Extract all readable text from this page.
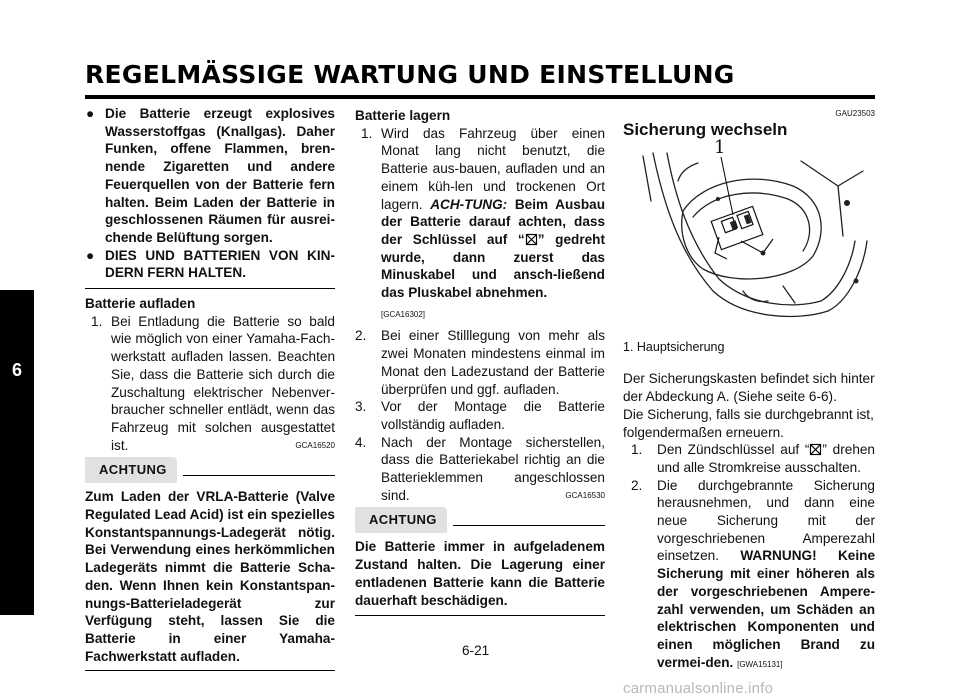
REGELMÄSSIGE WARTUNG UND EINSTELLUNG
6
● Die Batterie erzeugt explosives Wasserstoffgas (Knallgas). Daher Funken, offene Flammen, bren-nende Zigaretten und andere Feuerquellen von der Batterie fern halten. Beim Laden der Batterie in geschlossenen Räumen für ausrei-chende Belüftung sorgen.
● DIES UND BATTERIEN VON KIN-DERN FERN HALTEN.

Batterie aufladen

1. Bei Entladung die Batterie so bald wie möglich von einer Yamaha-Fach-werkstatt aufladen lassen. Beachten Sie, dass die Batterie sich durch die Zuschaltung elektrischer Nebenver-braucher schneller entlädt, wenn das Fahrzeug mit solchen ausgestattet ist.	GCA16520
ACHTUNG

Zum Laden der VRLA-Batterie (Valve Regulated Lead Acid) ist ein spezielles Konstantspannungs-Ladegerät nötig. Bei Verwendung eines herkömmlichen Ladegeräts nimmt die Batterie Scha-den. Wenn Ihnen kein Konstantspan-nungs-Batterieladegerät zur Verfügung steht, lassen Sie die Batterie in einer Yamaha-Fachwerkstatt aufladen.

Batterie lagern

1. Wird das Fahrzeug über einen Monat lang nicht benutzt, die Batterie aus-bauen, aufladen und an einem küh-len und trockenen Ort lagern. ACH-TUNG: Beim Ausbau der Batterie darauf achten, dass der Schlüssel auf “ ” gedreht wurde, dann zuerst das Minuskabel und ansch-ließend das Pluskabel abnehmen.
[GCA16302]
2. Bei einer Stilllegung von mehr als zwei Monaten mindestens einmal im Monat den Ladezustand der Batterie überprüfen und ggf. aufladen.
3. Vor der Montage die Batterie vollständig aufladen.
4. Nach der Montage sicherstellen, dass die Batteriekabel richtig an die Batterieklemmen angeschlossen sind.	GCA16530
ACHTUNG

Die Batterie immer in aufgeladenem Zustand halten. Die Lagerung einer entladenen Batterie kann die Batterie dauerhaft beschädigen.

GAU23503
Sicherung wechseln
1

1. Hauptsicherung

Der Sicherungskasten befindet sich hinter der Abdeckung A. (Siehe seite 6-6).

Die Sicherung, falls sie durchgebrannt ist, folgendermaßen erneuern.

1. Den Zündschlüssel auf “ ” drehen und alle Stromkreise ausschalten.
2. Die durchgebrannte Sicherung herausnehmen, und dann eine neue Sicherung mit der vorgeschriebenen Amperezahl einsetzen. WARNUNG! Keine Sicherung mit einer höheren als der vorgeschriebenen Ampere-zahl verwenden, um Schäden an elektrischen Komponenten und einen möglichen Brand zu vermei-den. [GWA15131]
6-21
carmanualsonline.info
